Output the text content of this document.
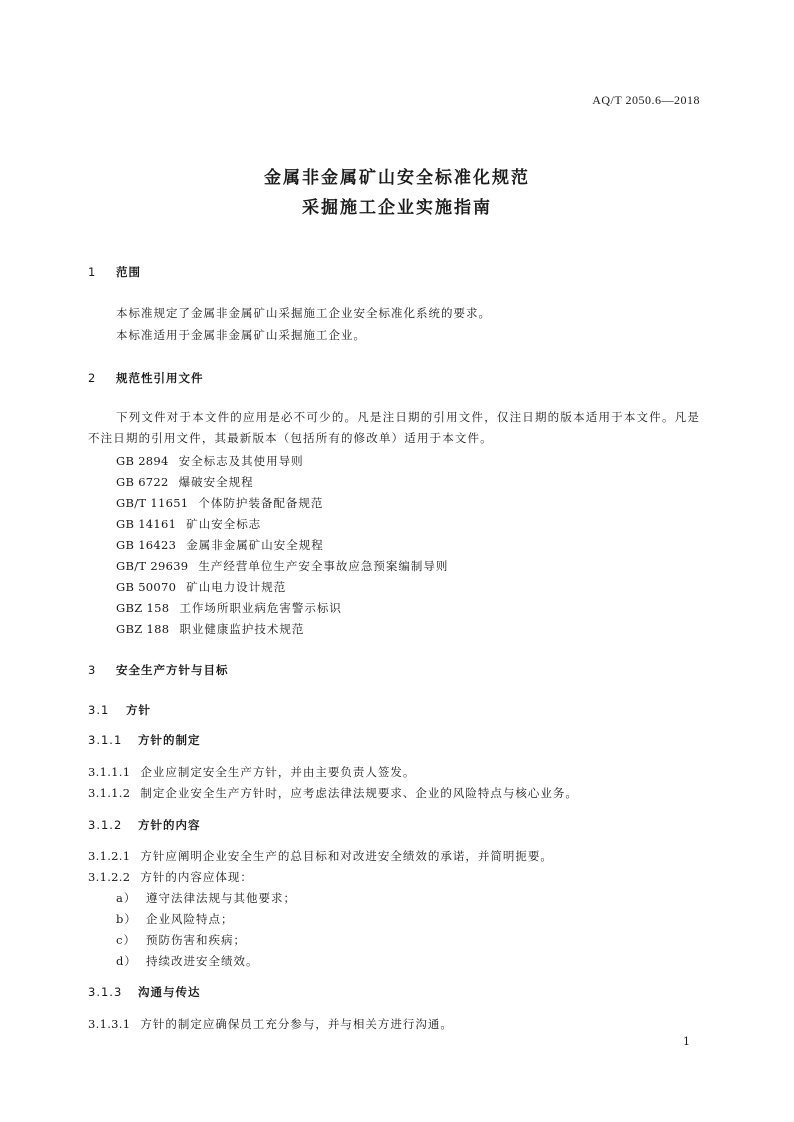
AQ/T 2050.6—2018
金属非金属矿山安全标准化规范
采掘施工企业实施指南
1 范围
本标准规定了金属非金属矿山采掘施工企业安全标准化系统的要求。
本标准适用于金属非金属矿山采掘施工企业。
2 规范性引用文件
下列文件对于本文件的应用是必不可少的。凡是注日期的引用文件，仅注日期的版本适用于本文件。凡是不注日期的引用文件，其最新版本（包括所有的修改单）适用于本文件。
GB 2894 安全标志及其使用导则
GB 6722 爆破安全规程
GB/T 11651 个体防护装备配备规范
GB 14161 矿山安全标志
GB 16423 金属非金属矿山安全规程
GB/T 29639 生产经营单位生产安全事故应急预案编制导则
GB 50070 矿山电力设计规范
GBZ 158 工作场所职业病危害警示标识
GBZ 188 职业健康监护技术规范
3 安全生产方针与目标
3.1 方针
3.1.1 方针的制定
3.1.1.1 企业应制定安全生产方针，并由主要负责人签发。
3.1.1.2 制定企业安全生产方针时，应考虑法律法规要求、企业的风险特点与核心业务。
3.1.2 方针的内容
3.1.2.1 方针应阐明企业安全生产的总目标和对改进安全绩效的承诺，并简明扼要。
3.1.2.2 方针的内容应体现：
a） 遵守法律法规与其他要求；
b） 企业风险特点；
c） 预防伤害和疾病；
d） 持续改进安全绩效。
3.1.3 沟通与传达
3.1.3.1 方针的制定应确保员工充分参与，并与相关方进行沟通。
1
